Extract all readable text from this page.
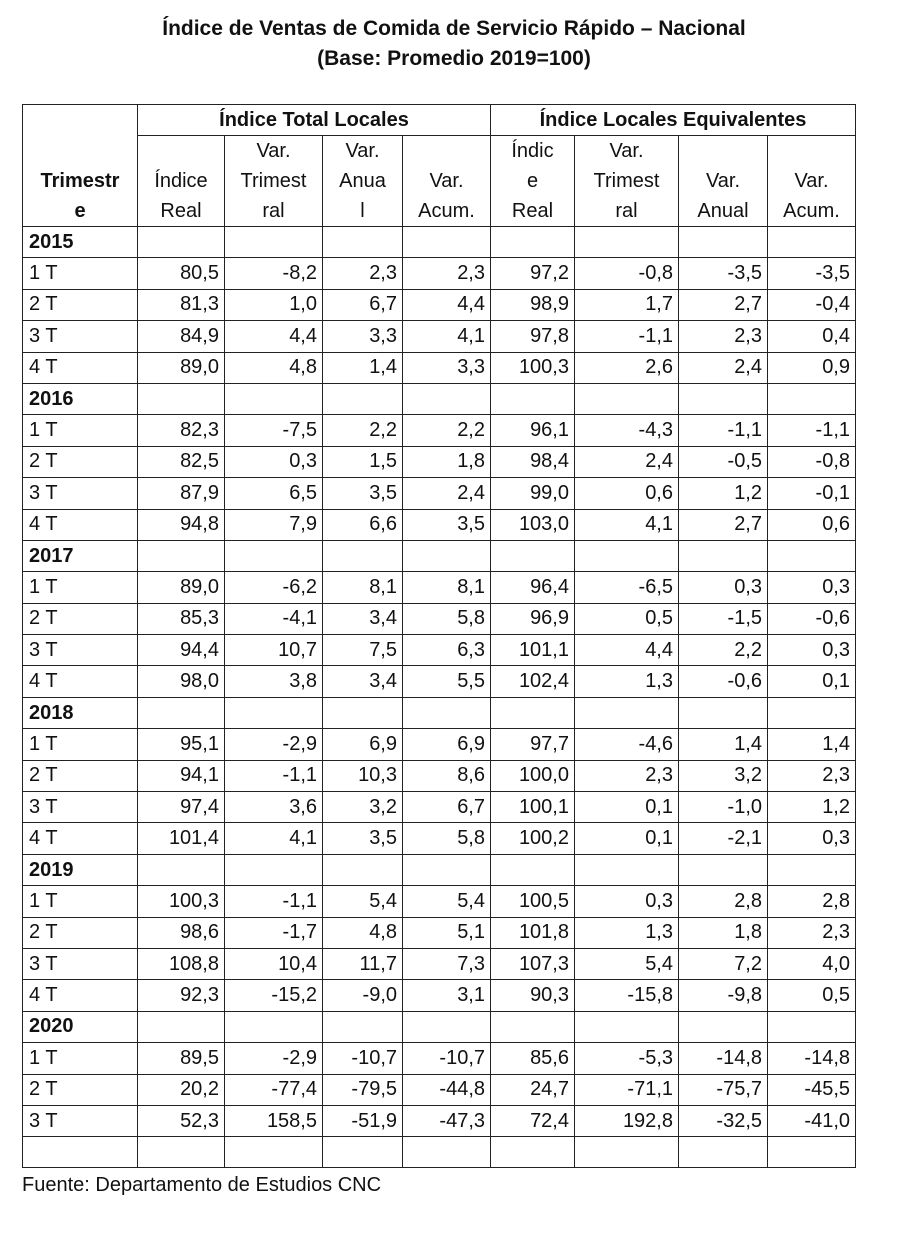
Índice de Ventas de Comida de Servicio Rápido – Nacional
(Base: Promedio 2019=100)
Trimestr
e	Índice Total Locales				Índice Locales Equivalentes			
		Var.	Var.		Índic	Var.		
	Índice	Trimest	Anua	Var.	e	Trimest	Var.	Var.
	Real	ral	l	Acum.	Real	ral	Anual	Acum.
2015								
1 T	80,5	-8,2	2,3	2,3	97,2	-0,8	-3,5	-3,5
2 T	81,3	1,0	6,7	4,4	98,9	1,7	2,7	-0,4
3 T	84,9	4,4	3,3	4,1	97,8	-1,1	2,3	0,4
4 T	89,0	4,8	1,4	3,3	100,3	2,6	2,4	0,9
2016								
1 T	82,3	-7,5	2,2	2,2	96,1	-4,3	-1,1	-1,1
2 T	82,5	0,3	1,5	1,8	98,4	2,4	-0,5	-0,8
3 T	87,9	6,5	3,5	2,4	99,0	0,6	1,2	-0,1
4 T	94,8	7,9	6,6	3,5	103,0	4,1	2,7	0,6
2017								
1 T	89,0	-6,2	8,1	8,1	96,4	-6,5	0,3	0,3
2 T	85,3	-4,1	3,4	5,8	96,9	0,5	-1,5	-0,6
3 T	94,4	10,7	7,5	6,3	101,1	4,4	2,2	0,3
4 T	98,0	3,8	3,4	5,5	102,4	1,3	-0,6	0,1
2018								
1 T	95,1	-2,9	6,9	6,9	97,7	-4,6	1,4	1,4
2 T	94,1	-1,1	10,3	8,6	100,0	2,3	3,2	2,3
3 T	97,4	3,6	3,2	6,7	100,1	0,1	-1,0	1,2
4 T	101,4	4,1	3,5	5,8	100,2	0,1	-2,1	0,3
2019								
1 T	100,3	-1,1	5,4	5,4	100,5	0,3	2,8	2,8
2 T	98,6	-1,7	4,8	5,1	101,8	1,3	1,8	2,3
3 T	108,8	10,4	11,7	7,3	107,3	5,4	7,2	4,0
4 T	92,3	-15,2	-9,0	3,1	90,3	-15,8	-9,8	0,5
2020								
1 T	89,5	-2,9	-10,7	-10,7	85,6	-5,3	-14,8	-14,8
2 T	20,2	-77,4	-79,5	-44,8	24,7	-71,1	-75,7	-45,5
3 T	52,3	158,5	-51,9	-47,3	72,4	192,8	-32,5	-41,0

Fuente: Departamento de Estudios CNC
